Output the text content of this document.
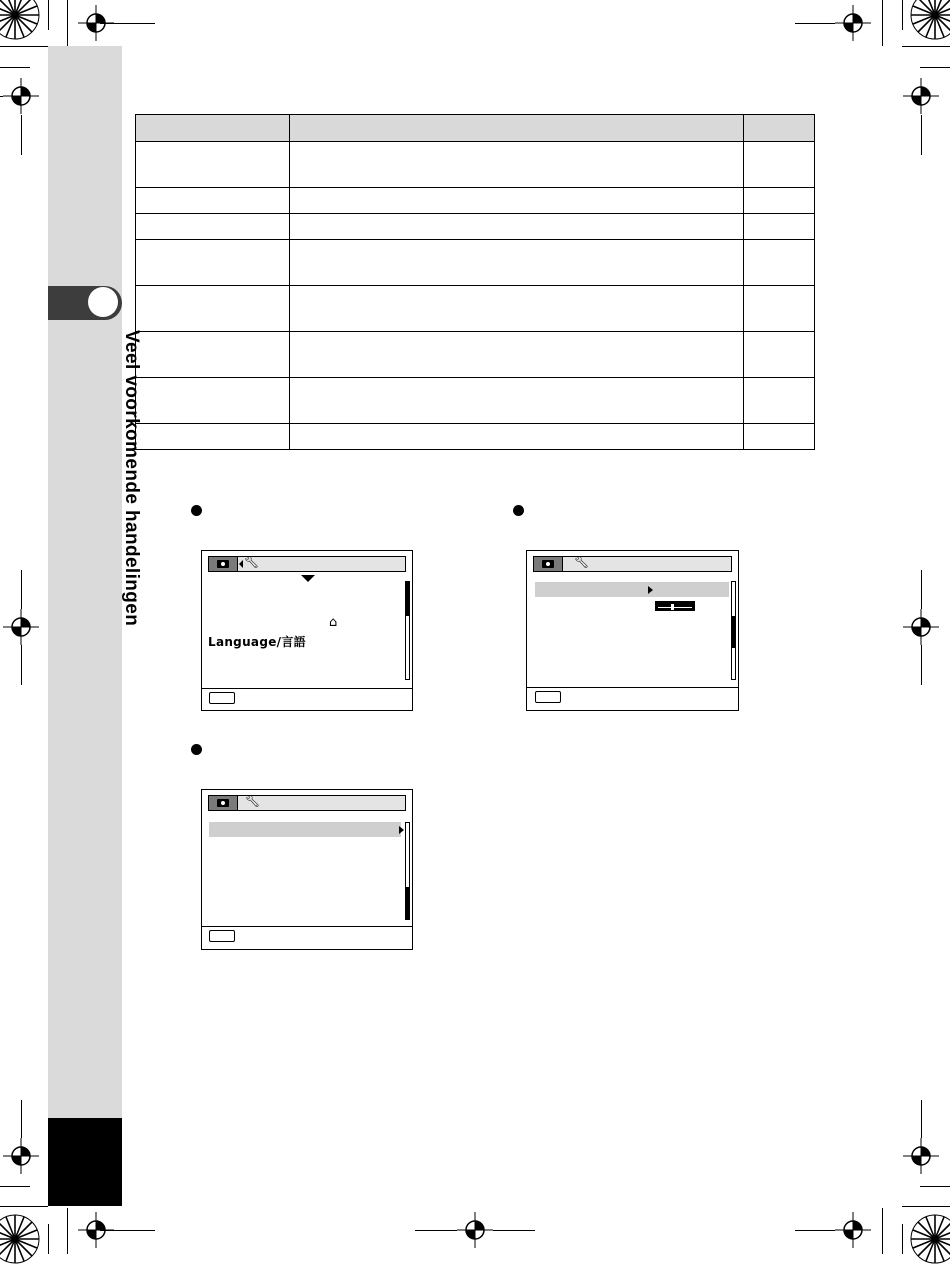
Veel voorkomende handelingen

			🔧︎
⌂
Language/言語
🔧︎
🔧︎
